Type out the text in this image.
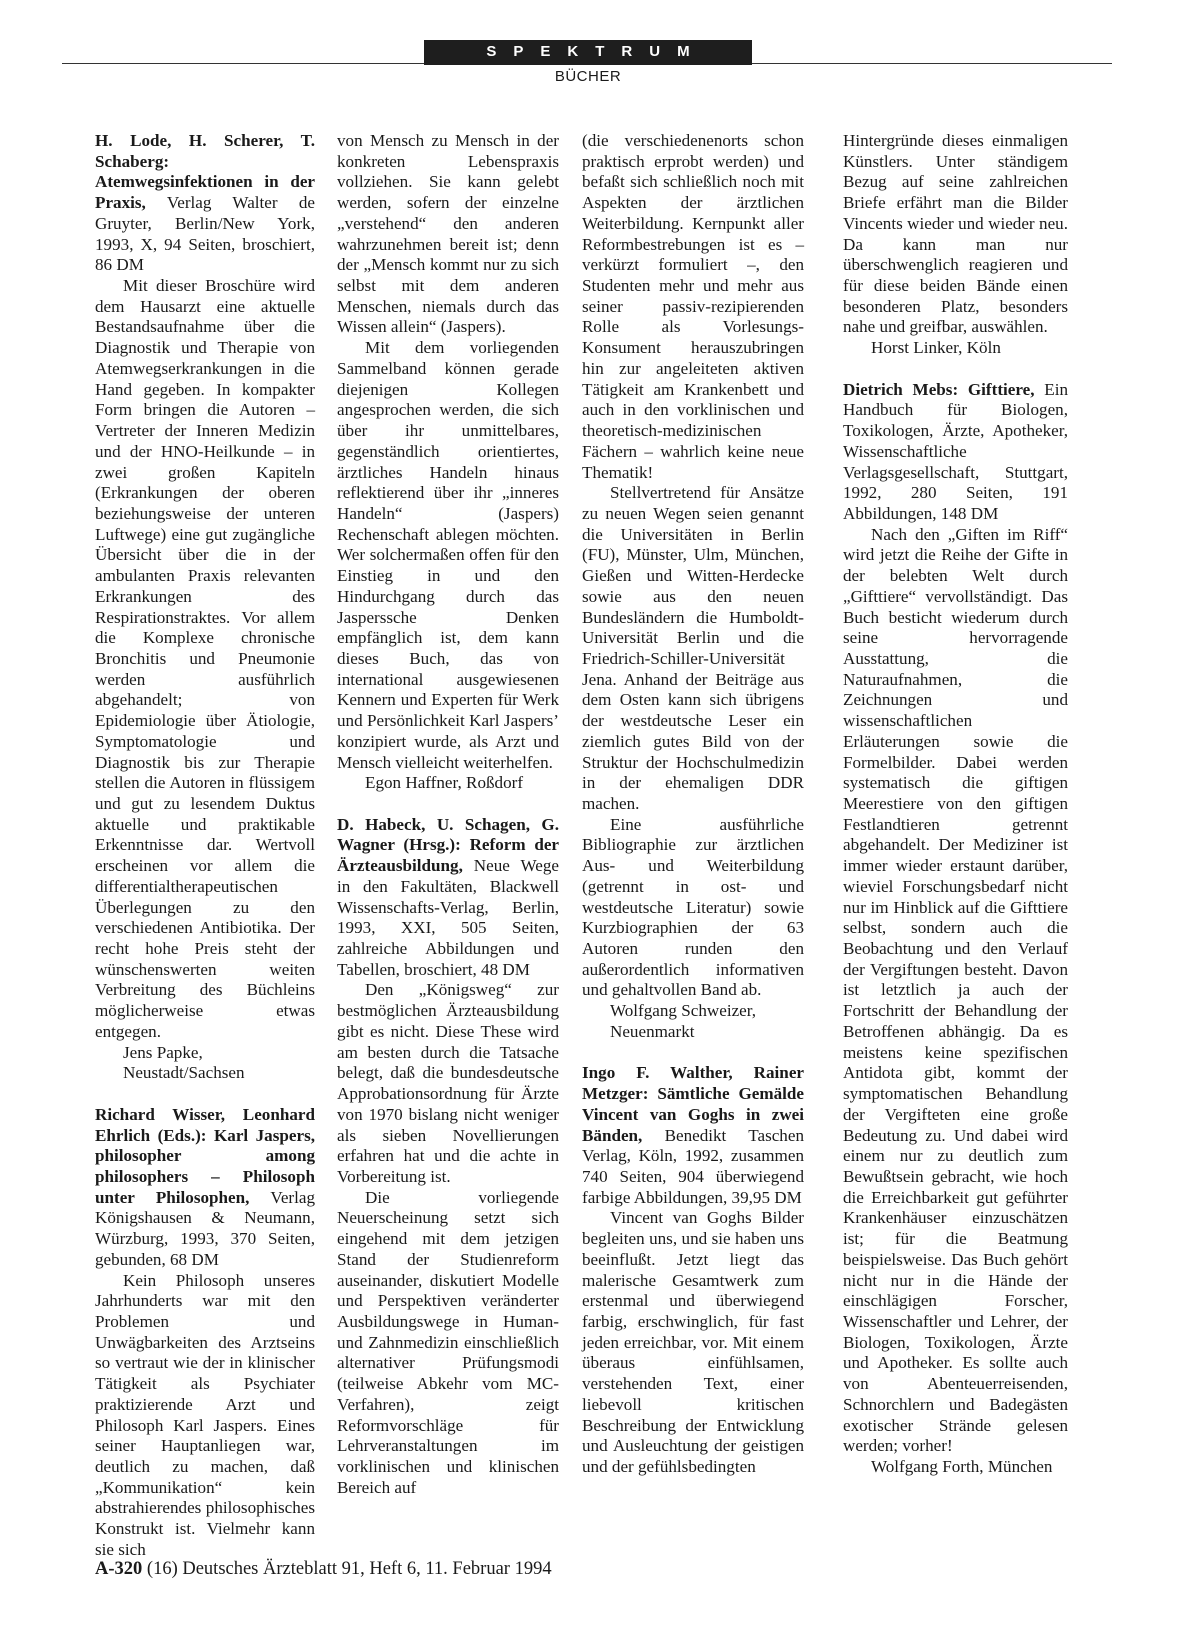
SPEKTRUM
BÜCHER

H. Lode, H. Scherer, T. Schaberg: Atemwegsinfektionen in der Praxis, Verlag Walter de Gruyter, Berlin/New York, 1993, X, 94 Seiten, broschiert, 86 DM

Mit dieser Broschüre wird dem Hausarzt eine aktuelle Bestandsaufnahme über die Diagnostik und Therapie von Atemwegserkrankungen in die Hand gegeben. In kompakter Form bringen die Autoren – Vertreter der Inneren Medizin und der HNO-Heilkunde – in zwei großen Kapiteln (Erkrankungen der oberen beziehungsweise der unteren Luftwege) eine gut zugängliche Übersicht über die in der ambulanten Praxis relevanten Erkrankungen des Respirationstraktes. Vor allem die Komplexe chronische Bronchitis und Pneumonie werden ausführlich abgehandelt; von Epidemiologie über Ätiologie, Symptomatologie und Diagnostik bis zur Therapie stellen die Autoren in flüssigem und gut zu lesendem Duktus aktuelle und praktikable Erkenntnisse dar. Wertvoll erscheinen vor allem die differentialtherapeutischen Überlegungen zu den verschiedenen Antibiotika. Der recht hohe Preis steht der wünschenswerten weiten Verbreitung des Büchleins möglicherweise etwas entgegen.

Jens Papke,

Neustadt/Sachsen

Richard Wisser, Leonhard Ehrlich (Eds.): Karl Jaspers, philosopher among philosophers – Philosoph unter Philosophen, Verlag Königshausen & Neumann, Würzburg, 1993, 370 Seiten, gebunden, 68 DM

Kein Philosoph unseres Jahrhunderts war mit den Problemen und Unwägbarkeiten des Arztseins so vertraut wie der in klinischer Tätigkeit als Psychiater praktizierende Arzt und Philosoph Karl Jaspers. Eines seiner Hauptanliegen war, deutlich zu machen, daß „Kommunikation“ kein abstrahierendes philosophisches Konstrukt ist. Vielmehr kann sie sich

von Mensch zu Mensch in der konkreten Lebenspraxis vollziehen. Sie kann gelebt werden, sofern der einzelne „verstehend“ den anderen wahrzunehmen bereit ist; denn der „Mensch kommt nur zu sich selbst mit dem anderen Menschen, niemals durch das Wissen allein“ (Jaspers).

Mit dem vorliegenden Sammelband können gerade diejenigen Kollegen angesprochen werden, die sich über ihr unmittelbares, gegenständlich orientiertes, ärztliches Handeln hinaus reflektierend über ihr „inneres Handeln“ (Jaspers) Rechenschaft ablegen möchten. Wer solchermaßen offen für den Einstieg in und den Hindurchgang durch das Jasperssche Denken empfänglich ist, dem kann dieses Buch, das von international ausgewiesenen Kennern und Experten für Werk und Persönlichkeit Karl Jaspers’ konzipiert wurde, als Arzt und Mensch vielleicht weiterhelfen.

Egon Haffner, Roßdorf

D. Habeck, U. Schagen, G. Wagner (Hrsg.): Reform der Ärzteausbildung, Neue Wege in den Fakultäten, Blackwell Wissenschafts-Verlag, Berlin, 1993, XXI, 505 Seiten, zahlreiche Abbildungen und Tabellen, broschiert, 48 DM

Den „Königsweg“ zur bestmöglichen Ärzteausbildung gibt es nicht. Diese These wird am besten durch die Tatsache belegt, daß die bundesdeutsche Approbationsordnung für Ärzte von 1970 bislang nicht weniger als sieben Novellierungen erfahren hat und die achte in Vorbereitung ist.

Die vorliegende Neuerscheinung setzt sich eingehend mit dem jetzigen Stand der Studienreform auseinander, diskutiert Modelle und Perspektiven veränderter Ausbildungswege in Human- und Zahnmedizin einschließlich alternativer Prüfungsmodi (teilweise Abkehr vom MC-Verfahren), zeigt Reformvorschläge für Lehrveranstaltungen im vorklinischen und klinischen Bereich auf

(die verschiedenenorts schon praktisch erprobt werden) und befaßt sich schließlich noch mit Aspekten der ärztlichen Weiterbildung. Kernpunkt aller Reformbestrebungen ist es – verkürzt formuliert –, den Studenten mehr und mehr aus seiner passiv-rezipierenden Rolle als Vorlesungs-Konsument herauszubringen hin zur angeleiteten aktiven Tätigkeit am Krankenbett und auch in den vorklinischen und theoretisch-medizinischen Fächern – wahrlich keine neue Thematik!

Stellvertretend für Ansätze zu neuen Wegen seien genannt die Universitäten in Berlin (FU), Münster, Ulm, München, Gießen und Witten-Herdecke sowie aus den neuen Bundesländern die Humboldt-Universität Berlin und die Friedrich-Schiller-Universität Jena. Anhand der Beiträge aus dem Osten kann sich übrigens der westdeutsche Leser ein ziemlich gutes Bild von der Struktur der Hochschulmedizin in der ehemaligen DDR machen.

Eine ausführliche Bibliographie zur ärztlichen Aus- und Weiterbildung (getrennt in ost- und westdeutsche Literatur) sowie Kurzbiographien der 63 Autoren runden den außerordentlich informativen und gehaltvollen Band ab.

Wolfgang Schweizer,

Neuenmarkt

Ingo F. Walther, Rainer Metzger: Sämtliche Gemälde Vincent van Goghs in zwei Bänden, Benedikt Taschen Verlag, Köln, 1992, zusammen 740 Seiten, 904 überwiegend farbige Abbildungen, 39,95 DM

Vincent van Goghs Bilder begleiten uns, und sie haben uns beeinflußt. Jetzt liegt das malerische Gesamtwerk zum erstenmal und überwiegend farbig, erschwinglich, für fast jeden erreichbar, vor. Mit einem überaus einfühlsamen, verstehenden Text, einer liebevoll kritischen Beschreibung der Entwicklung und Ausleuchtung der geistigen und der gefühlsbedingten

Hintergründe dieses einmaligen Künstlers. Unter ständigem Bezug auf seine zahlreichen Briefe erfährt man die Bilder Vincents wieder und wieder neu. Da kann man nur überschwenglich reagieren und für diese beiden Bände einen besonderen Platz, besonders nahe und greifbar, auswählen.

Horst Linker, Köln

Dietrich Mebs: Gifttiere, Ein Handbuch für Biologen, Toxikologen, Ärzte, Apotheker, Wissenschaftliche Verlagsgesellschaft, Stuttgart, 1992, 280 Seiten, 191 Abbildungen, 148 DM

Nach den „Giften im Riff“ wird jetzt die Reihe der Gifte in der belebten Welt durch „Gifttiere“ vervollständigt. Das Buch besticht wiederum durch seine hervorragende Ausstattung, die Naturaufnahmen, die Zeichnungen und wissenschaftlichen Erläuterungen sowie die Formelbilder. Dabei werden systematisch die giftigen Meerestiere von den giftigen Festlandtieren getrennt abgehandelt. Der Mediziner ist immer wieder erstaunt darüber, wieviel Forschungsbedarf nicht nur im Hinblick auf die Gifttiere selbst, sondern auch die Beobachtung und den Verlauf der Vergiftungen besteht. Davon ist letztlich ja auch der Fortschritt der Behandlung der Betroffenen abhängig. Da es meistens keine spezifischen Antidota gibt, kommt der symptomatischen Behandlung der Vergifteten eine große Bedeutung zu. Und dabei wird einem nur zu deutlich zum Bewußtsein gebracht, wie hoch die Erreichbarkeit gut geführter Krankenhäuser einzuschätzen ist; für die Beatmung beispielsweise. Das Buch gehört nicht nur in die Hände der einschlägigen Forscher, Wissenschaftler und Lehrer, der Biologen, Toxikologen, Ärzte und Apotheker. Es sollte auch von Abenteuerreisenden, Schnorchlern und Badegästen exotischer Strände gelesen werden; vorher!

Wolfgang Forth, München

A-320 (16) Deutsches Ärzteblatt 91, Heft 6, 11. Februar 1994
